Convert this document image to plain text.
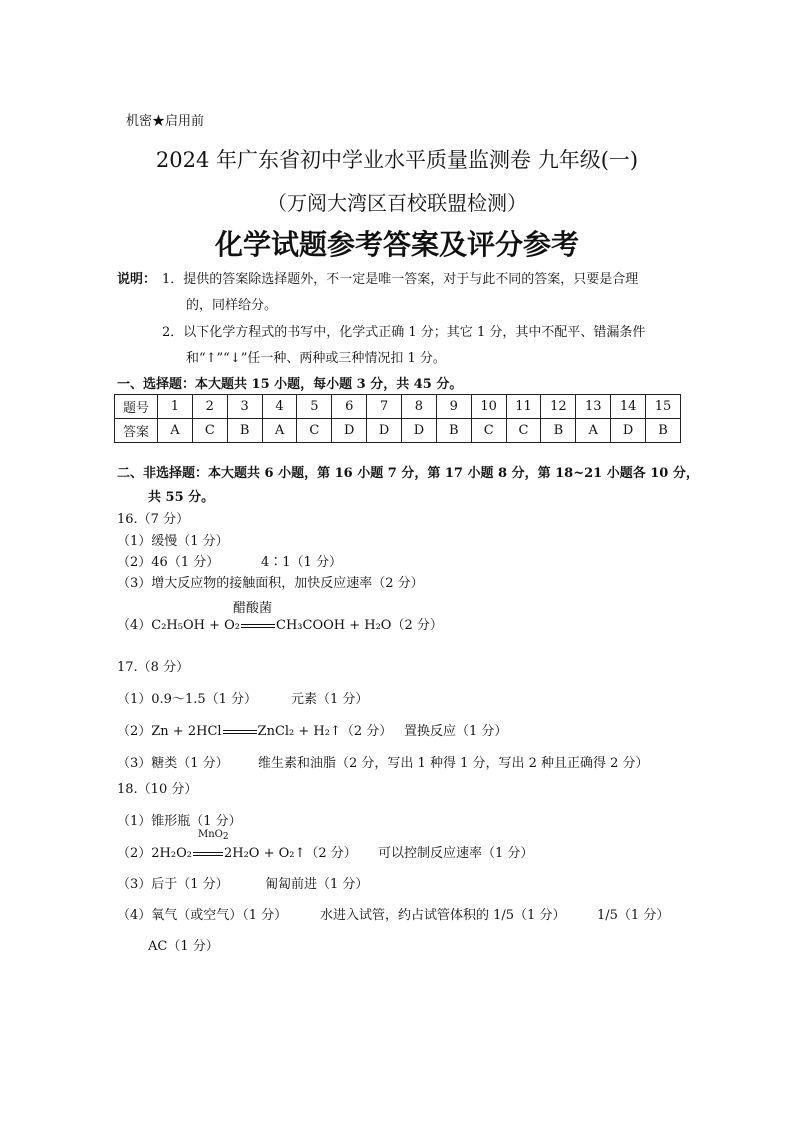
机密★启用前
2024 年广东省初中学业水平质量监测卷 九年级(一)
（万阅大湾区百校联盟检测）
化学试题参考答案及评分参考
说明： 1．提供的答案除选择题外，不一定是唯一答案，对于与此不同的答案，只要是合理
的，同样给分。
2．以下化学方程式的书写中，化学式正确 1 分；其它 1 分，其中不配平、错漏条件
和“↑”“↓”任一种、两种或三种情况扣 1 分。
一、选择题：本大题共 15 小题，每小题 3 分，共 45 分。
题号	1	2	3	4	5	6	7	8	9	10	11	12	13	14	15
答案	A	C	B	A	C	D	D	D	B	C	C	B	A	D	B
二、非选择题：本大题共 6 小题，第 16 小题 7 分，第 17 小题 8 分，第 18~21 小题各 10 分，
共 55 分。
16.（7 分）
（1）缓慢（1 分）
（2）46（1 分）	4∶1（1 分）
（3）增大反应物的接触面积，加快反应速率（2 分）
醋酸菌
（4）C₂H₅OH + O₂	CH₃COOH + H₂O（2 分）
17.（8 分）
（1）0.9～1.5（1 分）	元素（1 分）
（2）Zn + 2HCl	ZnCl₂ + H₂↑（2 分） 置换反应（1 分）
（3）糖类（1 分） 维生素和油脂（2 分，写出 1 种得 1 分，写出 2 种且正确得 2 分）
18.（10 分）
（1）锥形瓶（1 分）
MnO$_2$
（2）2H₂O₂ 2H₂O + O₂↑（2 分） 可以控制反应速率（1 分）
（3）后于（1 分）	匍匐前进（1 分）
（4）氧气（或空气）（1 分）	水进入试管，约占试管体积的 1/5（1 分） 1/5（1 分）
AC（1 分）
